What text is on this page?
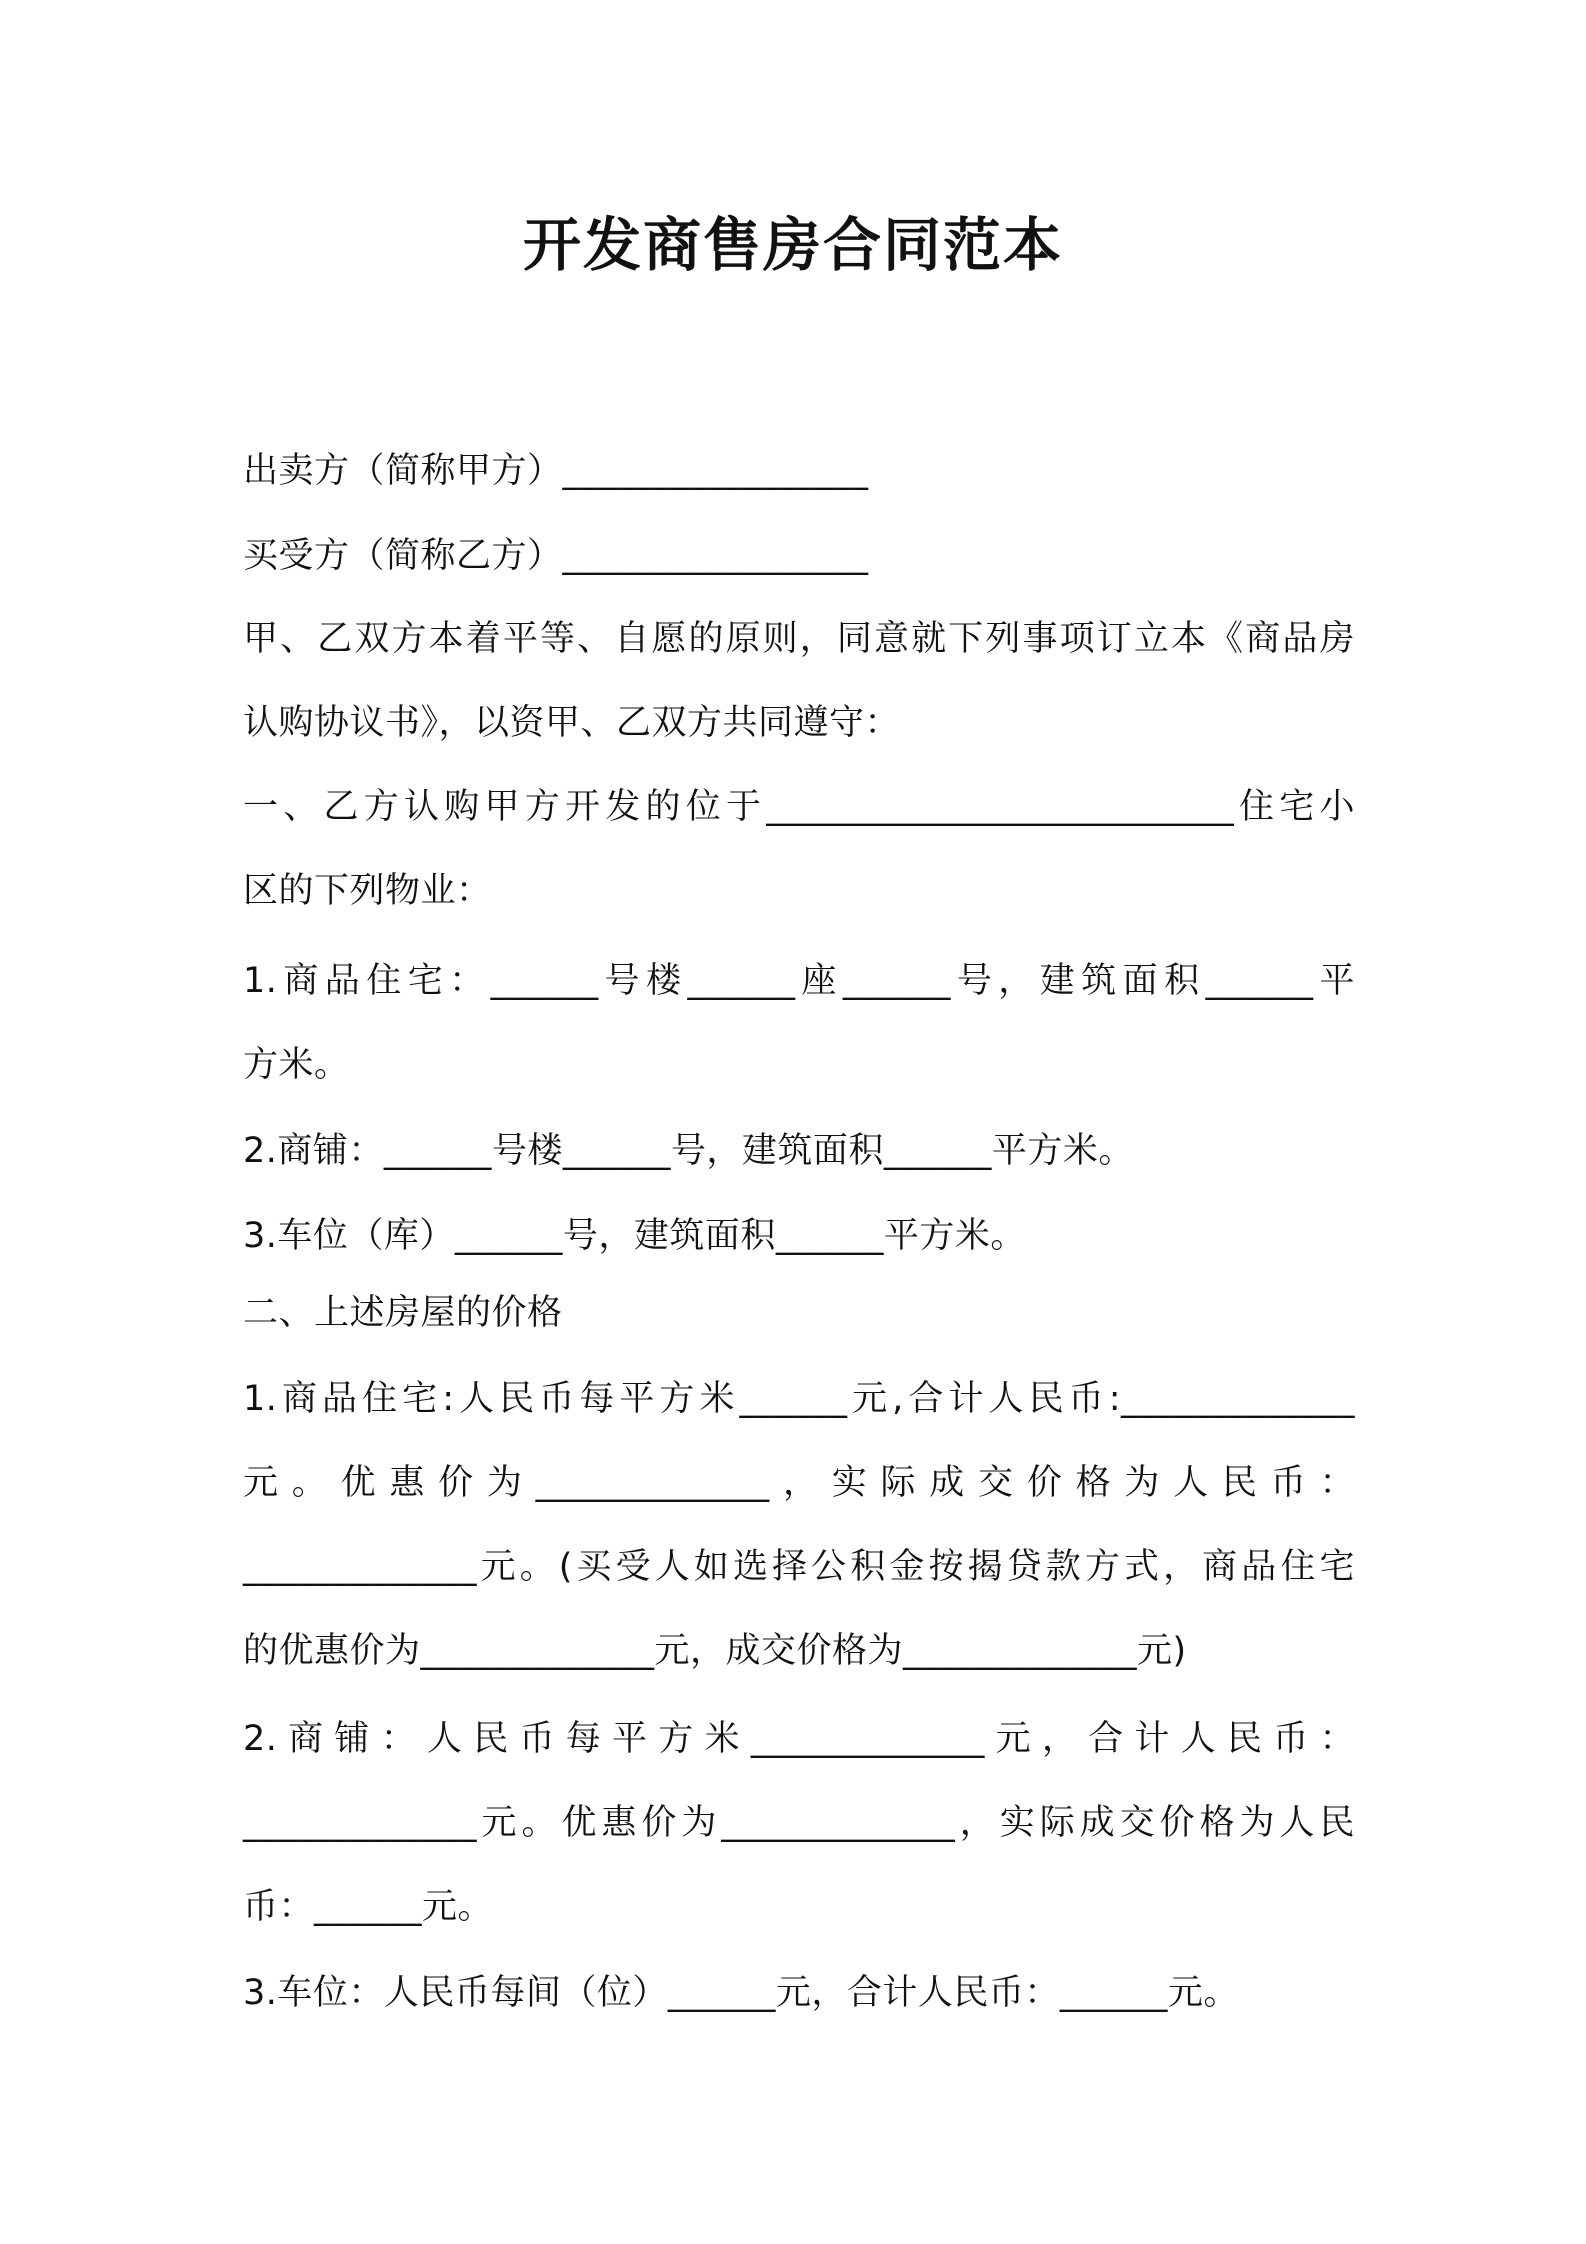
开发商售房合同范本
出卖方（简称甲方）_________________
买受方（简称乙方）_________________
甲、乙双方本着平等、自愿的原则，同意就下列事项订立本《商品房
认购协议书》，以资甲、乙双方共同遵守：
一、乙方认购甲方开发的位于__________________________住宅小
区的下列物业：
1.商品住宅：______号楼______座______号，建筑面积______平
方米。
2.商铺：______号楼______号，建筑面积______平方米。
3.车位（库）______号，建筑面积______平方米。
二、上述房屋的价格
1.商品住宅:人民币每平方米______元,合计人民币:_____________
元。优惠价为_____________，实际成交价格为人民币：
_____________元。(买受人如选择公积金按揭贷款方式，商品住宅
的优惠价为_____________元，成交价格为_____________元)
2.商铺：人民币每平方米_____________元，合计人民币：
_____________元。优惠价为_____________，实际成交价格为人民
币：______元。
3.车位：人民币每间（位）______元，合计人民币：______元。
